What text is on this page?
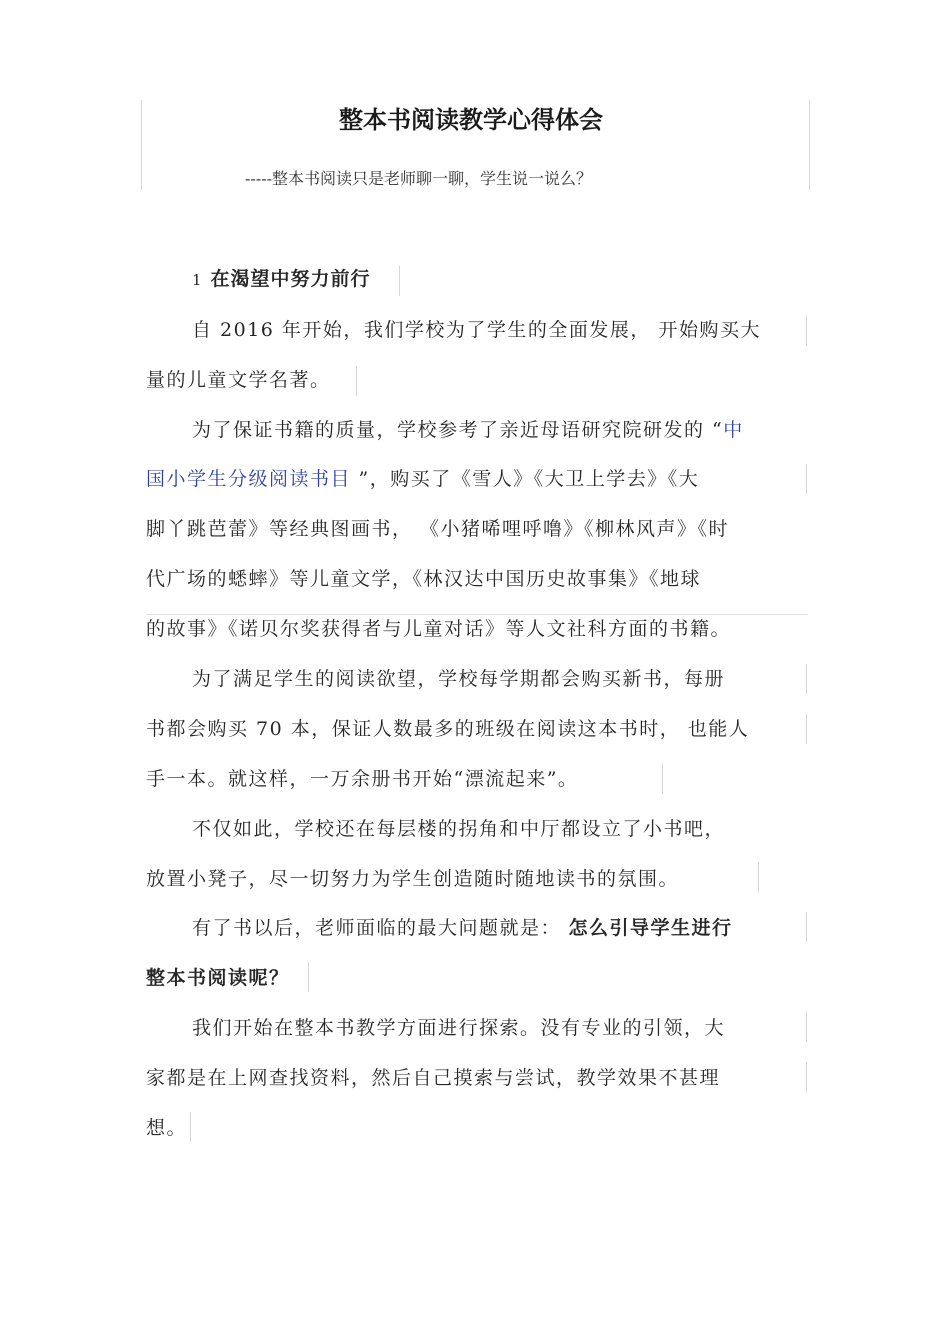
整本书阅读教学心得体会
-----整本书阅读只是老师聊一聊，学生说一说么？
1 在渴望中努力前行
自 2016 年开始，我们学校为了学生的全面发展， 开始购买大
量的儿童文学名著。
为了保证书籍的质量，学校参考了亲近母语研究院研发的 “中
国小学生分级阅读书目 ”，购买了《雪人》《大卫上学去》《大
脚丫跳芭蕾》等经典图画书， 《小猪唏哩呼噜》《柳林风声》《时
代广场的蟋蟀》等儿童文学，《林汉达中国历史故事集》《地球
的故事》《诺贝尔奖获得者与儿童对话》等人文社科方面的书籍。
为了满足学生的阅读欲望，学校每学期都会购买新书，每册
书都会购买 70 本，保证人数最多的班级在阅读这本书时， 也能人
手一本。就这样，一万余册书开始“漂流起来”。
不仅如此，学校还在每层楼的拐角和中厅都设立了小书吧，
放置小凳子，尽一切努力为学生创造随时随地读书的氛围。
有了书以后，老师面临的最大问题就是： 怎么引导学生进行
整本书阅读呢？
我们开始在整本书教学方面进行探索。没有专业的引领，大
家都是在上网查找资料，然后自己摸索与尝试，教学效果不甚理
想。
